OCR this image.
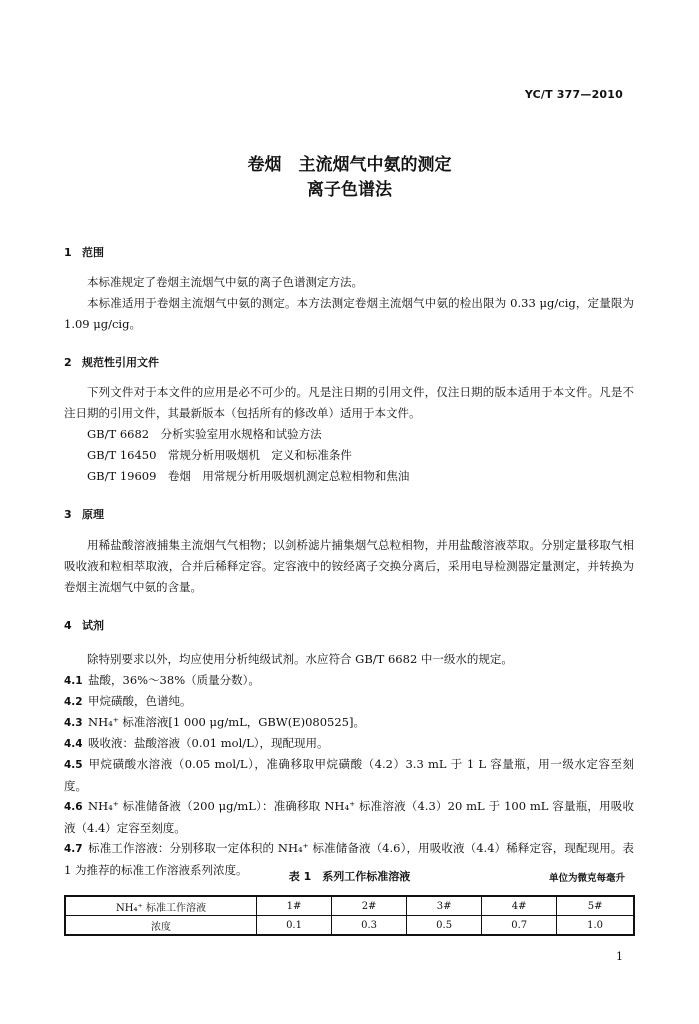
YC/T 377—2010
卷烟　主流烟气中氨的测定
离子色谱法
1 范围

本标准规定了卷烟主流烟气中氨的离子色谱测定方法。

本标准适用于卷烟主流烟气中氨的测定。本方法测定卷烟主流烟气中氨的检出限为 0.33 μg/cig，定量限为 1.09 μg/cig。

2 规范性引用文件

下列文件对于本文件的应用是必不可少的。凡是注日期的引用文件，仅注日期的版本适用于本文件。凡是不注日期的引用文件，其最新版本（包括所有的修改单）适用于本文件。

GB/T 6682　分析实验室用水规格和试验方法

GB/T 16450　常规分析用吸烟机　定义和标准条件

GB/T 19609　卷烟　用常规分析用吸烟机测定总粒相物和焦油

3 原理

用稀盐酸溶液捕集主流烟气气相物；以剑桥滤片捕集烟气总粒相物，并用盐酸溶液萃取。分别定量移取气相吸收液和粒相萃取液，合并后稀释定容。定容液中的铵经离子交换分离后，采用电导检测器定量测定，并转换为卷烟主流烟气中氨的含量。

4 试剂

除特别要求以外，均应使用分析纯级试剂。水应符合 GB/T 6682 中一级水的规定。

4.1 盐酸，36%～38%（质量分数）。

4.2 甲烷磺酸，色谱纯。

4.3 NH₄⁺ 标准溶液[1 000 μg/mL，GBW(E)080525]。

4.4 吸收液：盐酸溶液（0.01 mol/L），现配现用。

4.5 甲烷磺酸水溶液（0.05 mol/L），准确移取甲烷磺酸（4.2）3.3 mL 于 1 L 容量瓶，用一级水定容至刻度。

4.6 NH₄⁺ 标准储备液（200 μg/mL）：准确移取 NH₄⁺ 标准溶液（4.3）20 mL 于 100 mL 容量瓶，用吸收液（4.4）定容至刻度。

4.7 标准工作溶液：分别移取一定体积的 NH₄⁺ 标准储备液（4.6），用吸收液（4.4）稀释定容，现配现用。表 1 为推荐的标准工作溶液系列浓度。	表 1　系列工作标准溶液	单位为微克每毫升
NH₄⁺ 标准工作溶液	1#	2#	3#	4#	5#
浓度	0.1	0.3	0.5	0.7	1.0
1
